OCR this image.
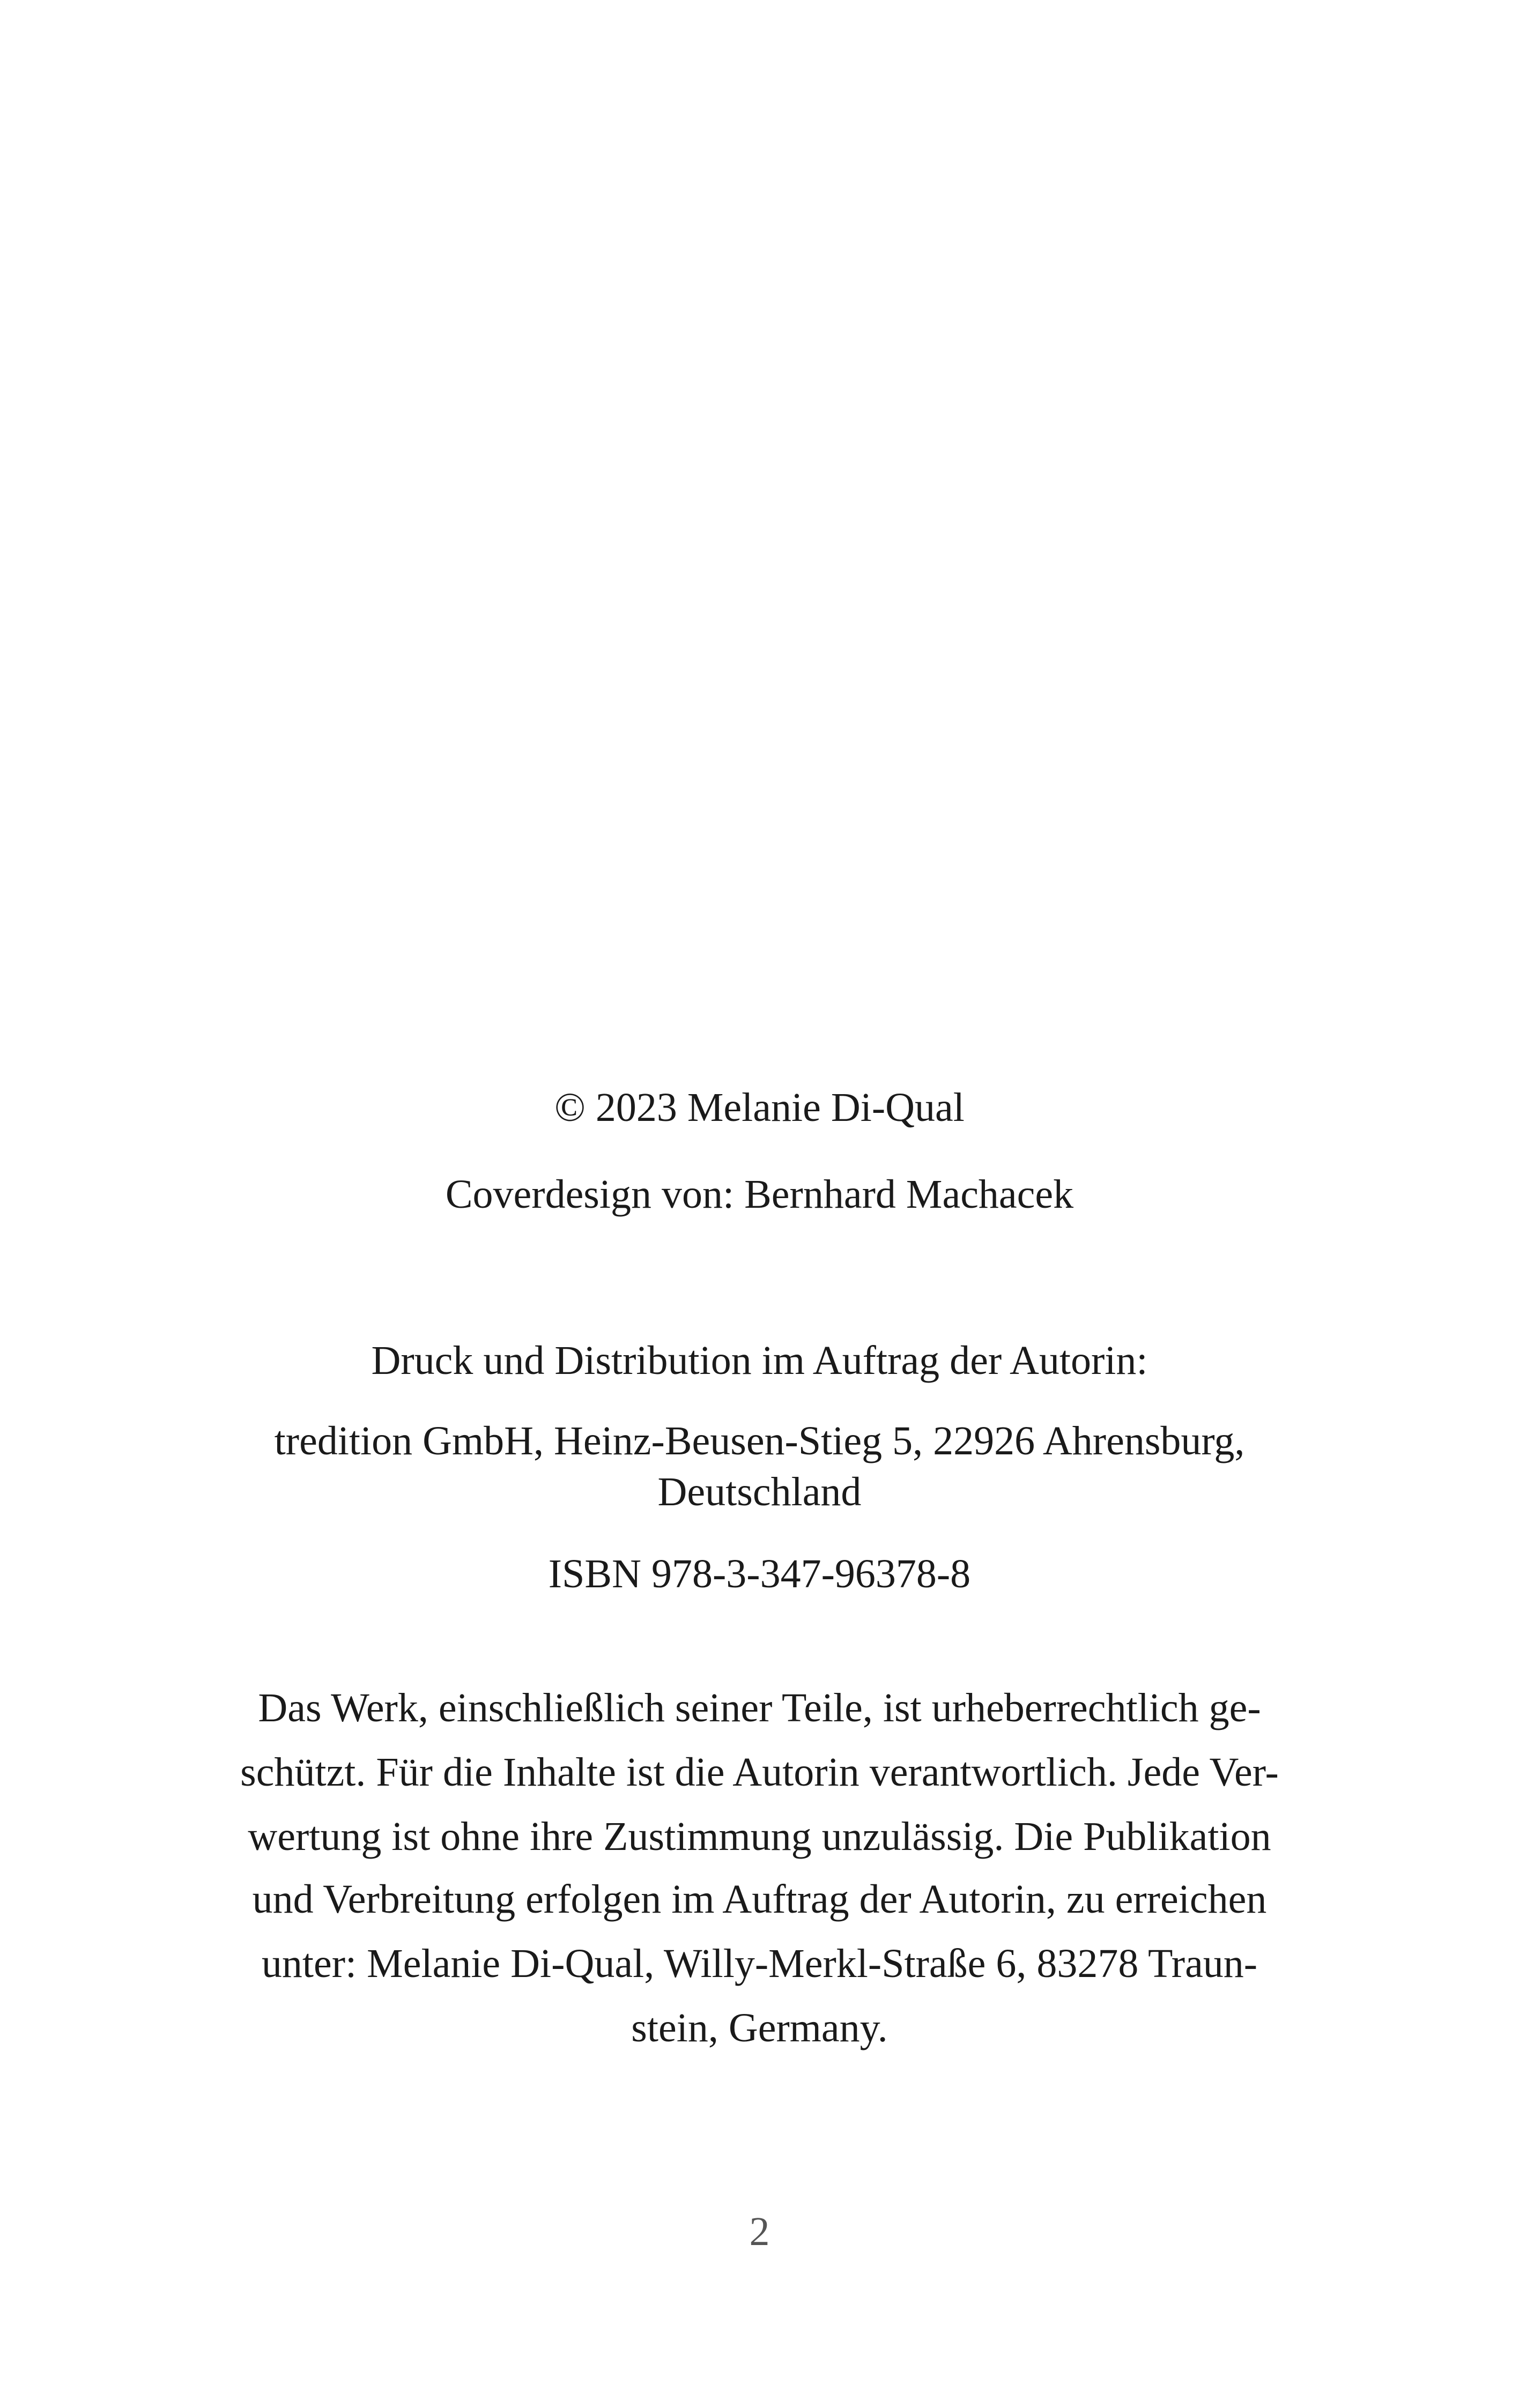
© 2023 Melanie Di-Qual
Coverdesign von: Bernhard Machacek
Druck und Distribution im Auftrag der Autorin:
tredition GmbH, Heinz-Beusen-Stieg 5, 22926 Ahrensburg,
Deutschland
ISBN 978-3-347-96378-8
Das Werk, einschließlich seiner Teile, ist urheberrechtlich ge-
schützt. Für die Inhalte ist die Autorin verantwortlich. Jede Ver-
wertung ist ohne ihre Zustimmung unzulässig. Die Publikation
und Verbreitung erfolgen im Auftrag der Autorin, zu erreichen
unter: Melanie Di-Qual, Willy-Merkl-Straße 6, 83278 Traun-
stein, Germany.
2
